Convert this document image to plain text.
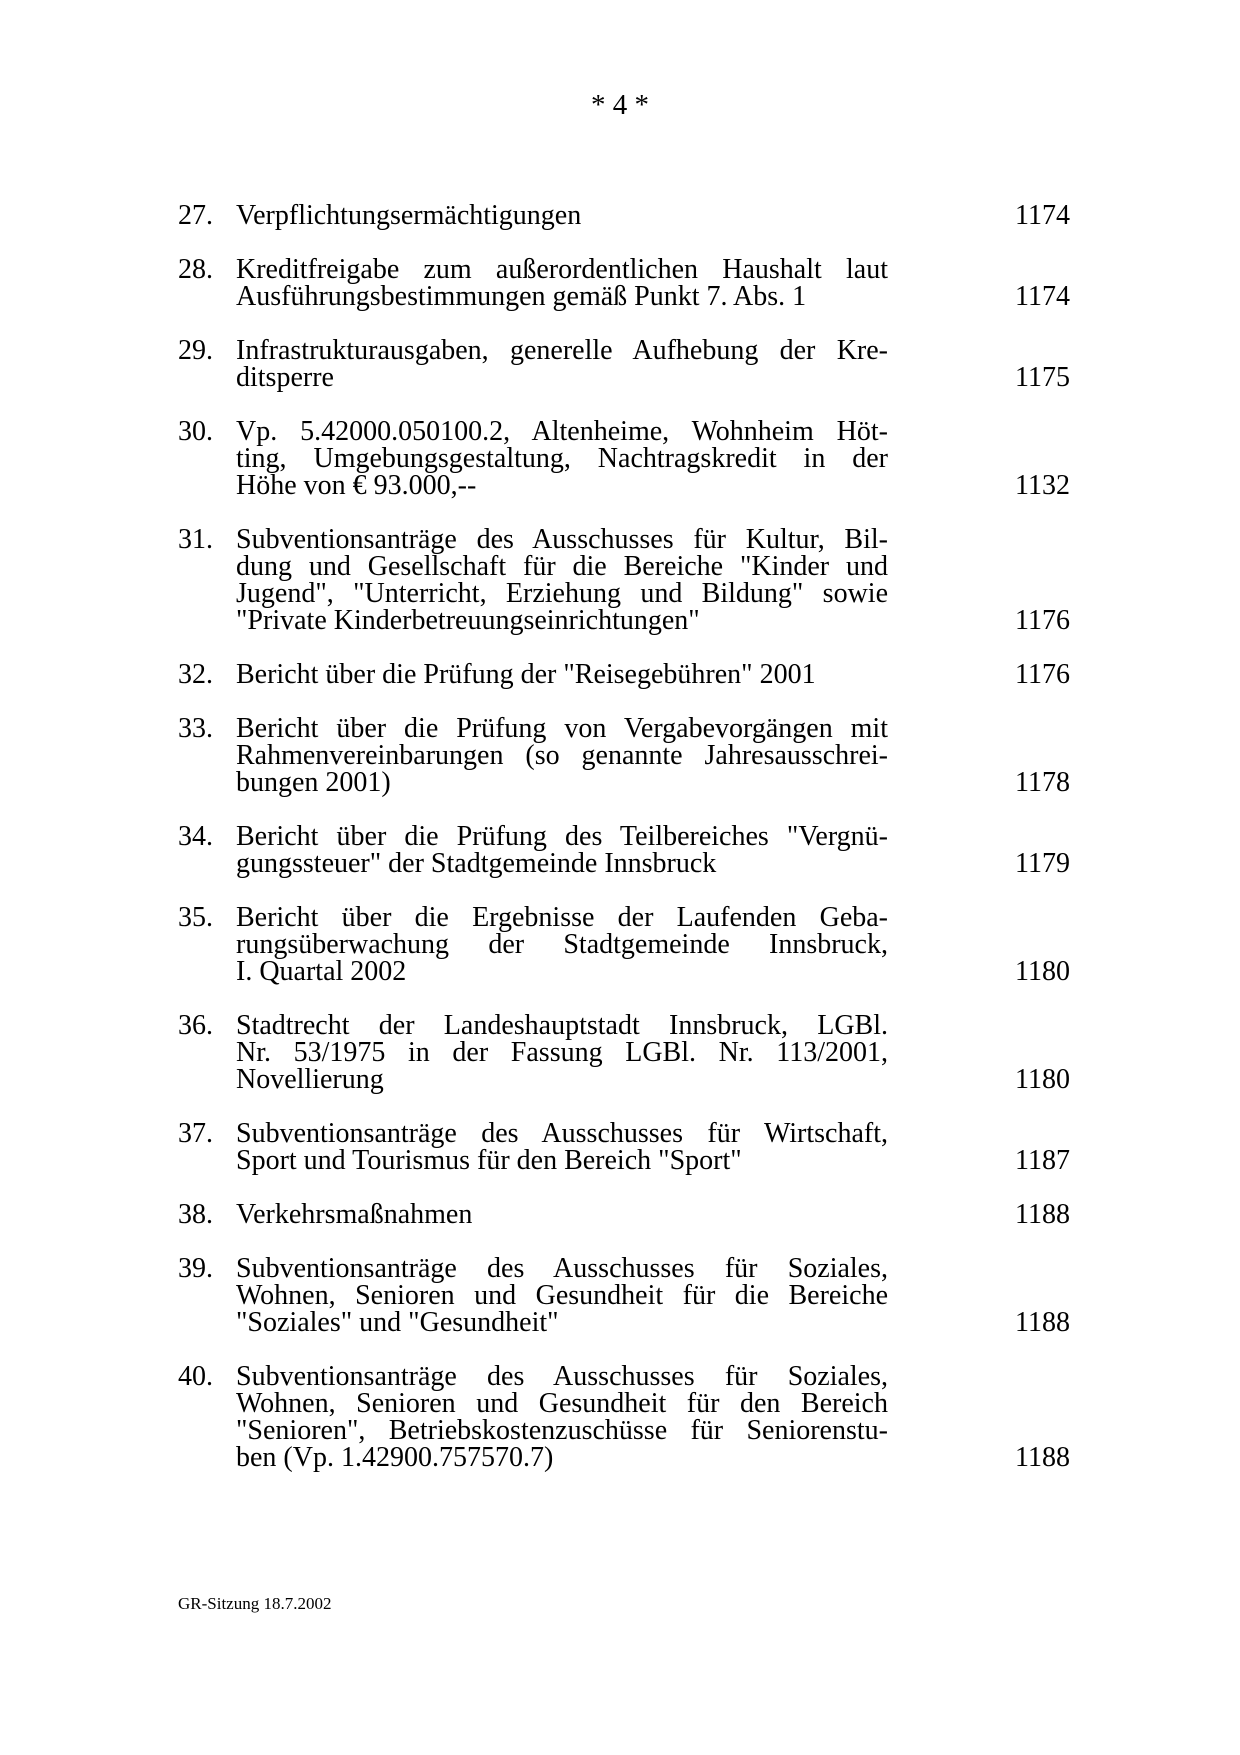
* 4 *
27. Verpflichtungsermächtigungen	1174
28. Kreditfreigabe zum außerordentlichen Haushalt laut
Ausführungsbestimmungen gemäß Punkt 7. Abs. 1	1174
29. Infrastrukturausgaben, generelle Aufhebung der Kre-
ditsperre	1175
30. Vp. 5.42000.050100.2, Altenheime, Wohnheim Höt-
ting, Umgebungsgestaltung, Nachtragskredit in der
Höhe von € 93.000,--	1132
31. Subventionsanträge des Ausschusses für Kultur, Bil-
dung und Gesellschaft für die Bereiche "Kinder und
Jugend", "Unterricht, Erziehung und Bildung" sowie
"Private Kinderbetreuungseinrichtungen"	1176
32. Bericht über die Prüfung der "Reisegebühren" 2001	1176
33. Bericht über die Prüfung von Vergabevorgängen mit
Rahmenvereinbarungen (so genannte Jahresausschrei-
bungen 2001)	1178
34. Bericht über die Prüfung des Teilbereiches "Vergnü-
gungssteuer" der Stadtgemeinde Innsbruck	1179
35. Bericht über die Ergebnisse der Laufenden Geba-
rungsüberwachung der Stadtgemeinde Innsbruck,
I. Quartal 2002	1180
36. Stadtrecht der Landeshauptstadt Innsbruck, LGBl.
Nr. 53/1975 in der Fassung LGBl. Nr. 113/2001,
Novellierung	1180
37. Subventionsanträge des Ausschusses für Wirtschaft,
Sport und Tourismus für den Bereich "Sport"	1187
38. Verkehrsmaßnahmen	1188
39. Subventionsanträge des Ausschusses für Soziales,
Wohnen, Senioren und Gesundheit für die Bereiche
"Soziales" und "Gesundheit"	1188
40. Subventionsanträge des Ausschusses für Soziales,
Wohnen, Senioren und Gesundheit für den Bereich
"Senioren", Betriebskostenzuschüsse für Seniorenstu-
ben (Vp. 1.42900.757570.7)	1188
GR-Sitzung 18.7.2002
